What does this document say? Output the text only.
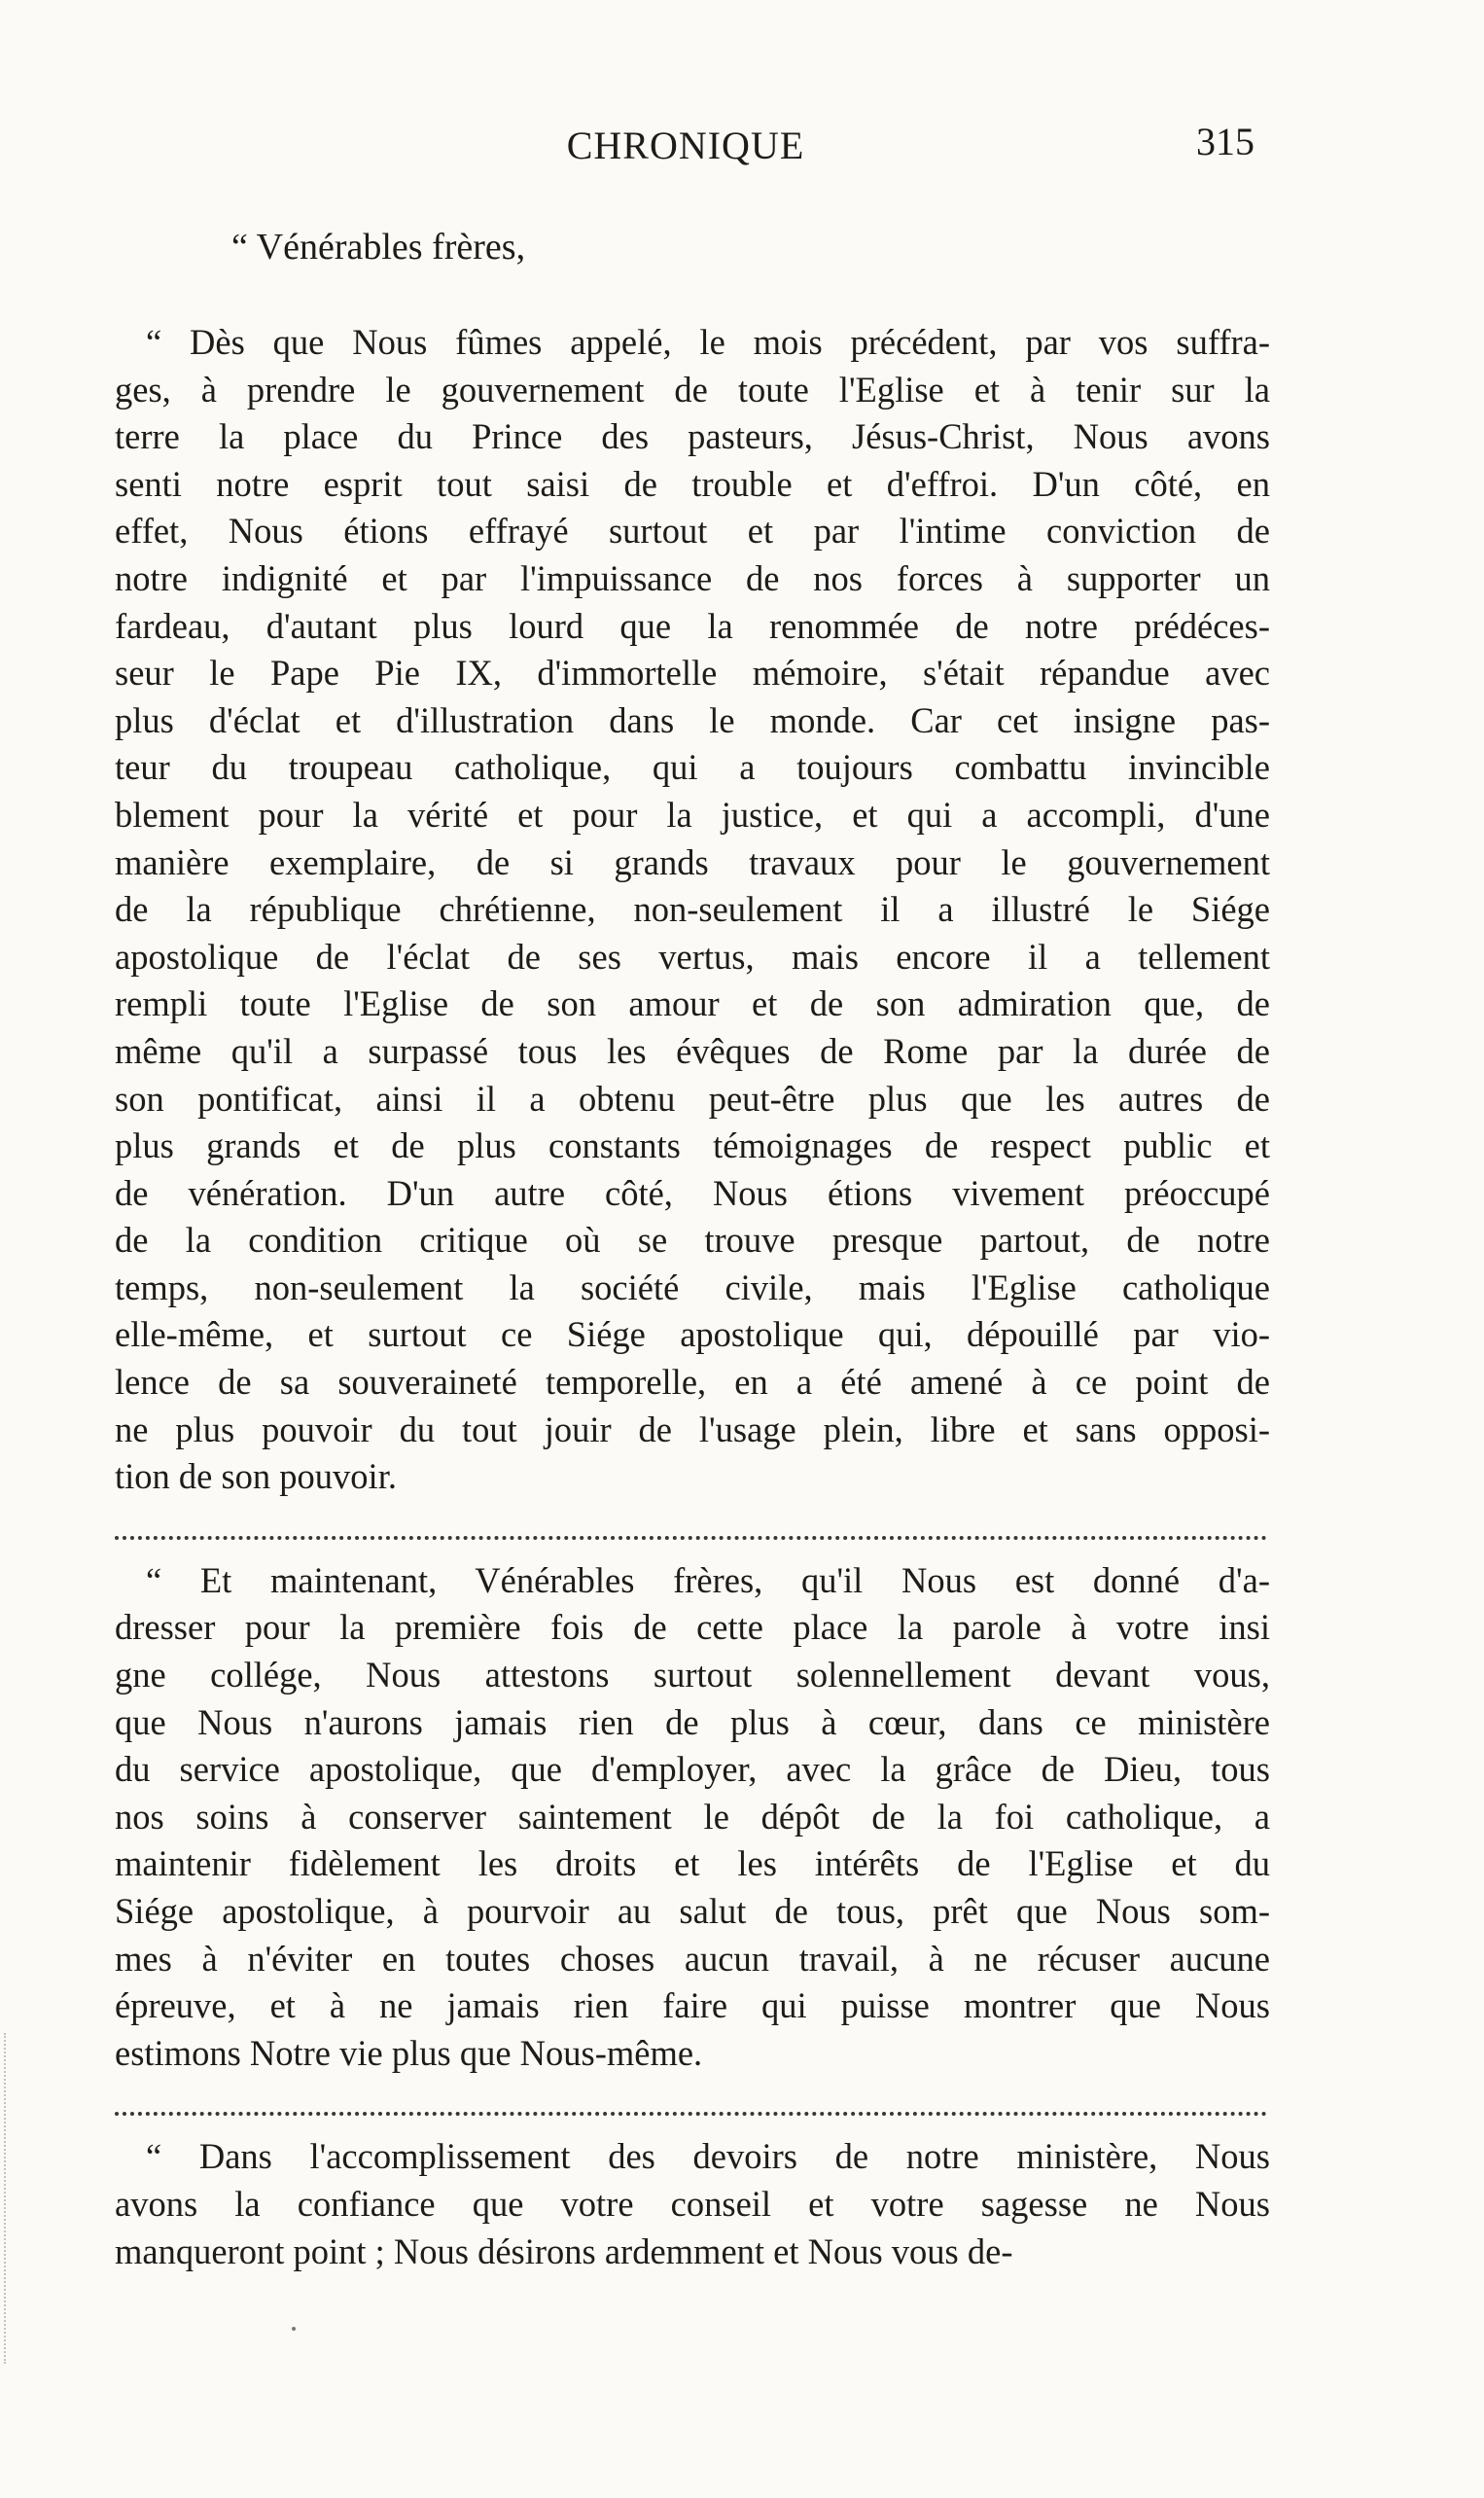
CHRONIQUE	315
“ Vénérables frères,

“ Dès que Nous fûmes appelé, le mois précédent, par vos suffra-

ges, à prendre le gouvernement de toute l'Eglise et à tenir sur la

terre la place du Prince des pasteurs, Jésus-Christ, Nous avons

senti notre esprit tout saisi de trouble et d'effroi. D'un côté, en

effet, Nous étions effrayé surtout et par l'intime conviction de

notre indignité et par l'impuissance de nos forces à supporter un

fardeau, d'autant plus lourd que la renommée de notre prédéces-

seur le Pape Pie IX, d'immortelle mémoire, s'était répandue avec

plus d'éclat et d'illustration dans le monde. Car cet insigne pas-

teur du troupeau catholique, qui a toujours combattu invincible

blement pour la vérité et pour la justice, et qui a accompli, d'une

manière exemplaire, de si grands travaux pour le gouvernement

de la république chrétienne, non-seulement il a illustré le Siége

apostolique de l'éclat de ses vertus, mais encore il a tellement

rempli toute l'Eglise de son amour et de son admiration que, de

même qu'il a surpassé tous les évêques de Rome par la durée de

son pontificat, ainsi il a obtenu peut-être plus que les autres de

plus grands et de plus constants témoignages de respect public et

de vénération. D'un autre côté, Nous étions vivement préoccupé

de la condition critique où se trouve presque partout, de notre

temps, non-seulement la société civile, mais l'Eglise catholique

elle-même, et surtout ce Siége apostolique qui, dépouillé par vio-

lence de sa souveraineté temporelle, en a été amené à ce point de

ne plus pouvoir du tout jouir de l'usage plein, libre et sans opposi-

tion de son pouvoir.

“ Et maintenant, Vénérables frères, qu'il Nous est donné d'a-

dresser pour la première fois de cette place la parole à votre insi

gne collége, Nous attestons surtout solennellement devant vous,

que Nous n'aurons jamais rien de plus à cœur, dans ce ministère

du service apostolique, que d'employer, avec la grâce de Dieu, tous

nos soins à conserver saintement le dépôt de la foi catholique, a

maintenir fidèlement les droits et les intérêts de l'Eglise et du

Siége apostolique, à pourvoir au salut de tous, prêt que Nous som-

mes à n'éviter en toutes choses aucun travail, à ne récuser aucune

épreuve, et à ne jamais rien faire qui puisse montrer que Nous

estimons Notre vie plus que Nous-même.

“ Dans l'accomplissement des devoirs de notre ministère, Nous

avons la confiance que votre conseil et votre sagesse ne Nous

manqueront point ; Nous désirons ardemment et Nous vous de-
